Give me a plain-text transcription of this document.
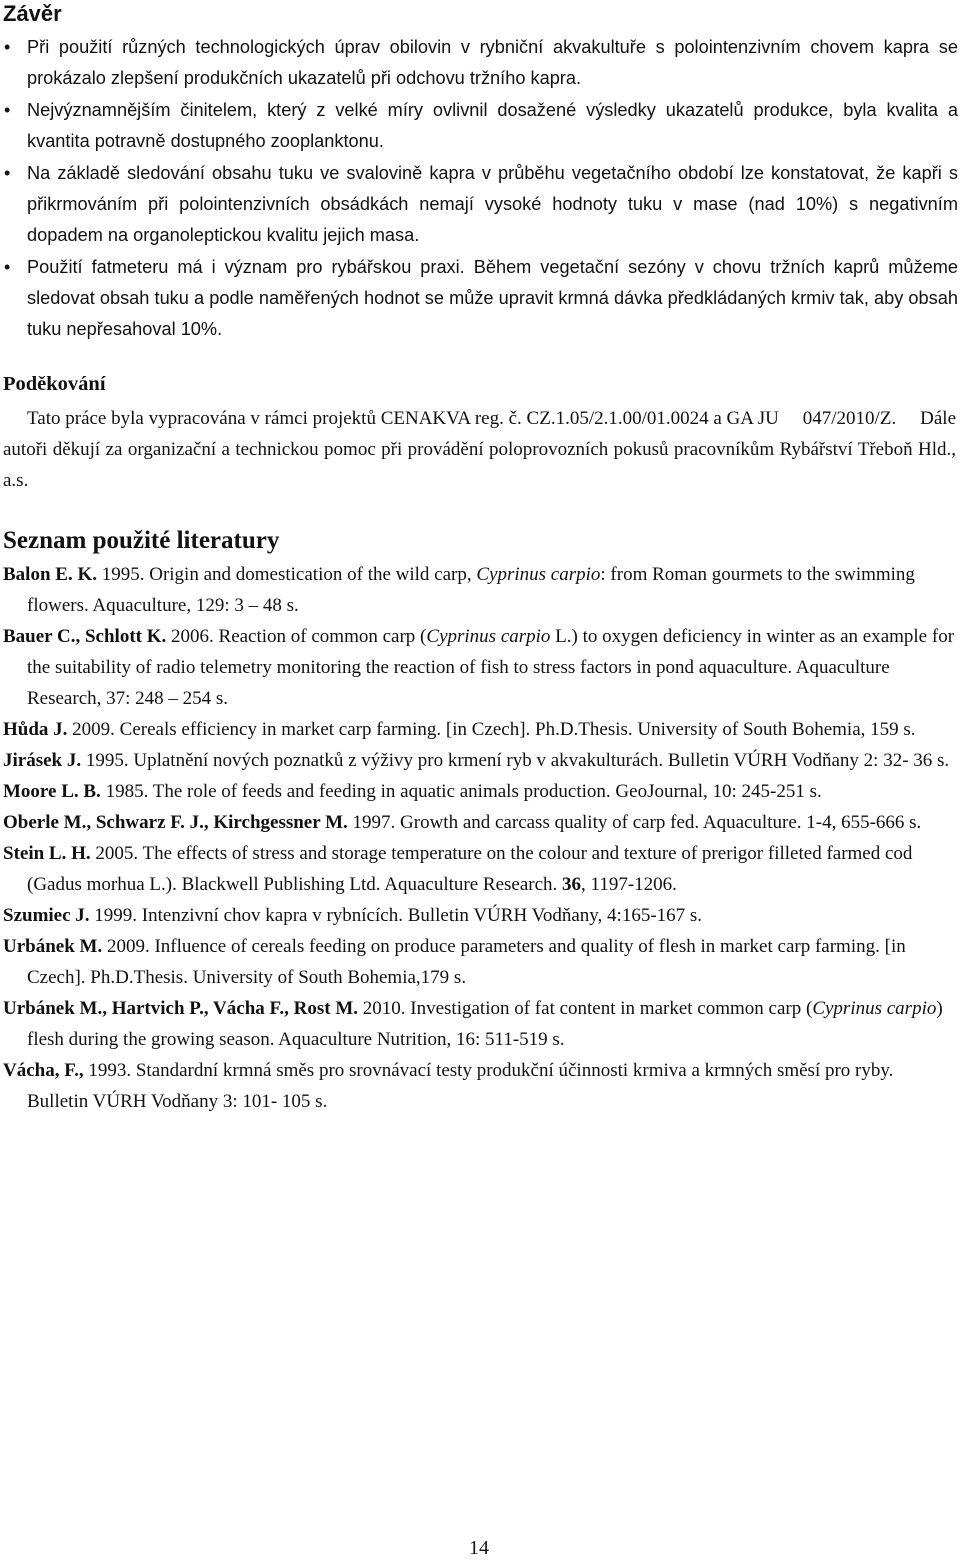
Závěr
• Při použití různých technologických úprav obilovin v rybniční akvakultuře s polointenzivním chovem kapra se prokázalo zlepšení produkčních ukazatelů při odchovu tržního kapra.
• Nejvýznamnějším činitelem, který z velké míry ovlivnil dosažené výsledky ukazatelů produkce, byla kvalita a kvantita potravně dostupného zooplanktonu.
• Na základě sledování obsahu tuku ve svalovině kapra v průběhu vegetačního období lze konstatovat, že kapři s přikrmováním při polointenzivních obsádkách nemají vysoké hodnoty tuku v mase (nad 10%) s negativním dopadem na organoleptickou kvalitu jejich masa.
• Použití fatmeteru má i význam pro rybářskou praxi. Během vegetační sezóny v chovu tržních kaprů můžeme sledovat obsah tuku a podle naměřených hodnot se může upravit krmná dávka předkládaných krmiv tak, aby obsah tuku nepřesahoval 10%.
Poděkování

Tato práce byla vypracována v rámci projektů CENAKVA reg. č. CZ.1.05/2.1.00/01.0024 a GA JU 047/2010/Z. Dále autoři děkují za organizační a technickou pomoc při provádění poloprovozních pokusů pracovníkům Rybářství Třeboň Hld., a.s.

Seznam použité literatury
Balon E. K. 1995. Origin and domestication of the wild carp, Cyprinus carpio: from Roman gourmets to the swimming flowers. Aquaculture, 129: 3 – 48 s.
Bauer C., Schlott K. 2006. Reaction of common carp (Cyprinus carpio L.) to oxygen deficiency in winter as an example for the suitability of radio telemetry monitoring the reaction of fish to stress factors in pond aquaculture. Aquaculture Research, 37: 248 – 254 s.
Hůda J. 2009. Cereals efficiency in market carp farming. [in Czech]. Ph.D.Thesis. University of South Bohemia, 159 s.
Jirásek J. 1995. Uplatnění nových poznatků z výživy pro krmení ryb v akvakulturách. Bulletin VÚRH Vodňany 2: 32- 36 s.
Moore L. B. 1985. The role of feeds and feeding in aquatic animals production. GeoJournal, 10: 245-251 s.
Oberle M., Schwarz F. J., Kirchgessner M. 1997. Growth and carcass quality of carp fed. Aquaculture. 1-4, 655-666 s.
Stein L. H. 2005. The effects of stress and storage temperature on the colour and texture of prerigor filleted farmed cod (Gadus morhua L.). Blackwell Publishing Ltd. Aquaculture Research. 36, 1197-1206.
Szumiec J. 1999. Intenzivní chov kapra v rybnících. Bulletin VÚRH Vodňany, 4:165-167 s.
Urbánek M. 2009. Influence of cereals feeding on produce parameters and quality of flesh in market carp farming. [in Czech]. Ph.D.Thesis. University of South Bohemia,179 s.
Urbánek M., Hartvich P., Vácha F., Rost M. 2010. Investigation of fat content in market common carp (Cyprinus carpio) flesh during the growing season. Aquaculture Nutrition, 16: 511-519 s.
Vácha, F., 1993. Standardní krmná směs pro srovnávací testy produkční účinnosti krmiva a krmných směsí pro ryby. Bulletin VÚRH Vodňany 3: 101- 105 s.
14
